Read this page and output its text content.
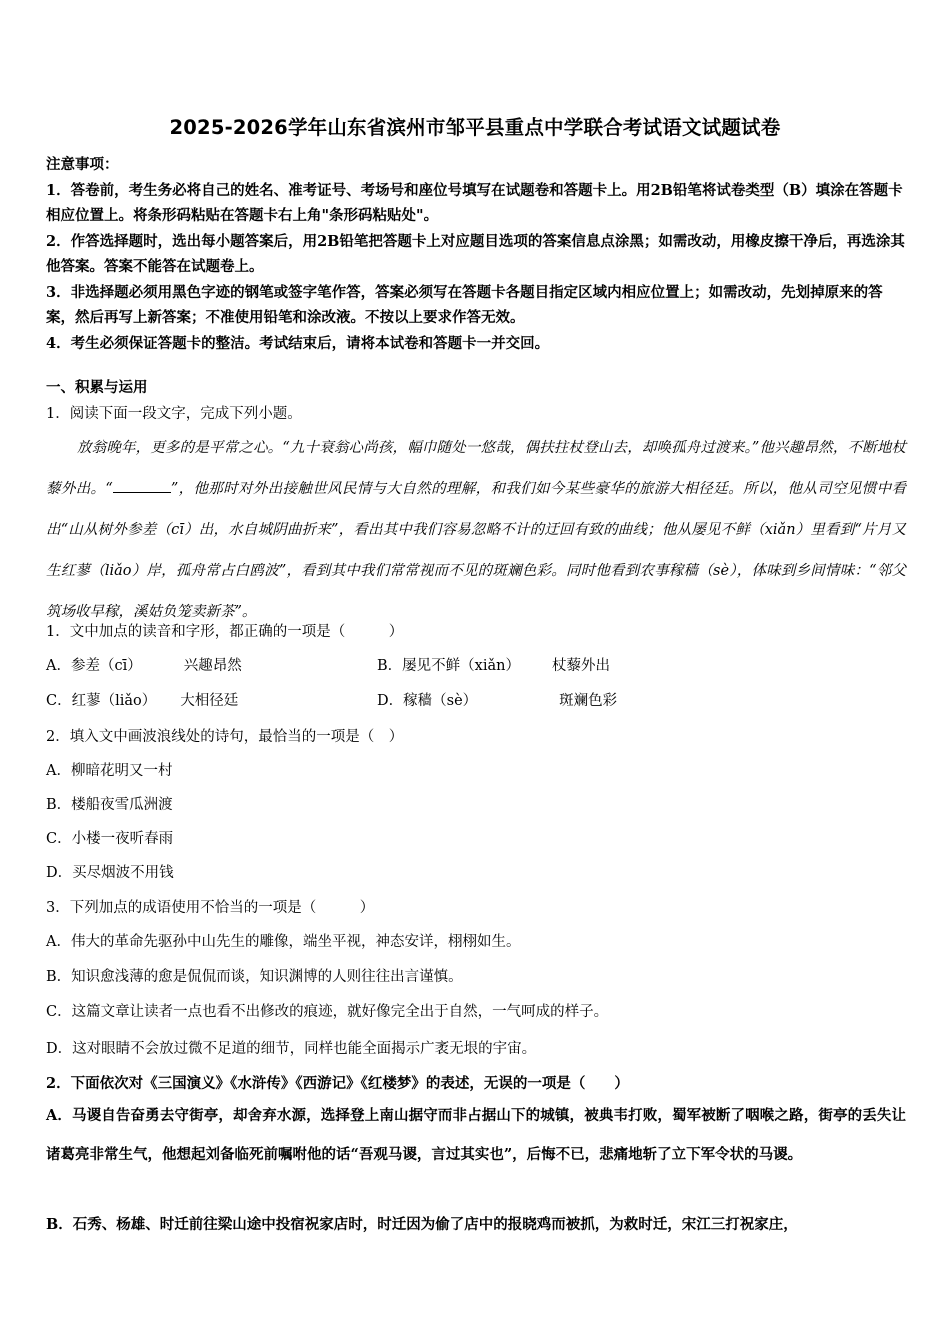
2025-2026学年山东省滨州市邹平县重点中学联合考试语文试题试卷

注意事项：

1．答卷前，考生务必将自己的姓名、准考证号、考场号和座位号填写在试题卷和答题卡上。用2B铅笔将试卷类型（B）填涂在答题卡相应位置上。将条形码粘贴在答题卡右上角"条形码粘贴处"。

2．作答选择题时，选出每小题答案后，用2B铅笔把答题卡上对应题目选项的答案信息点涂黑；如需改动，用橡皮擦干净后，再选涂其他答案。答案不能答在试题卷上。

3．非选择题必须用黑色字迹的钢笔或签字笔作答，答案必须写在答题卡各题目指定区域内相应位置上；如需改动，先划掉原来的答案，然后再写上新答案；不准使用铅笔和涂改液。不按以上要求作答无效。

4．考生必须保证答题卡的整洁。考试结束后，请将本试卷和答题卡一并交回。

一、积累与运用
1．阅读下面一段文字，完成下列小题。

放翁晚年，更多的是平常之心。“九十衰翁心尚孩，幅巾随处一悠哉，偶扶拄杖登山去，却唤孤舟过渡来。”他兴趣昂然，不断地杖藜外出。“	”，他那时对外出接触世风民情与大自然的理解，和我们如今某些豪华的旅游大相径廷。所以，他从司空见惯中看出“山从树外参差（cī）出，水自城阴曲折来”，看出其中我们容易忽略不计的迂回有致的曲线；他从屡见不鲜（xiǎn）里看到“片月又生红蓼（liǎo）岸，孤舟常占白鸥波”，看到其中我们常常视而不见的斑斓色彩。同时他看到农事稼穑（sè），体味到乡间情味：“邻父筑场收早稼，溪姑负笼卖新茶”。

1．文中加点的读音和字形，都正确的一项是（　　　）
A．参差（cī）	兴趣昂然	B．屡见不鲜（xiǎn） 杖藜外出
C．红蓼（liǎo） 大相径廷	D．稼穑（sè）	斑斓色彩
2．填入文中画波浪线处的诗句，最恰当的一项是（　）
A．柳暗花明又一村
B．楼船夜雪瓜洲渡
C．小楼一夜听春雨
D．买尽烟波不用钱
3．下列加点的成语使用不恰当的一项是（　　　）
A．伟大的革命先驱孙中山先生的雕像，端坐平视，神态安详，栩栩如生。
B．知识愈浅薄的愈是侃侃而谈，知识渊博的人则往往出言谨慎。
C．这篇文章让读者一点也看不出修改的痕迹，就好像完全出于自然，一气呵成的样子。
D．这对眼睛不会放过微不足道的细节，同样也能全面揭示广袤无垠的宇宙。
2．下面依次对《三国演义》《水浒传》《西游记》《红楼梦》的表述，无误的一项是（　　）

A．马谡自告奋勇去守街亭，却舍弃水源，选择登上南山据守而非占据山下的城镇，被典韦打败，蜀军被断了咽喉之路，街亭的丢失让诸葛亮非常生气，他想起刘备临死前嘱咐他的话“吾观马谡，言过其实也”，后悔不已，悲痛地斩了立下军令状的马谡。

B．石秀、杨雄、时迁前往梁山途中投宿祝家店时，时迁因为偷了店中的报晓鸡而被抓，为救时迁，宋江三打祝家庄，
